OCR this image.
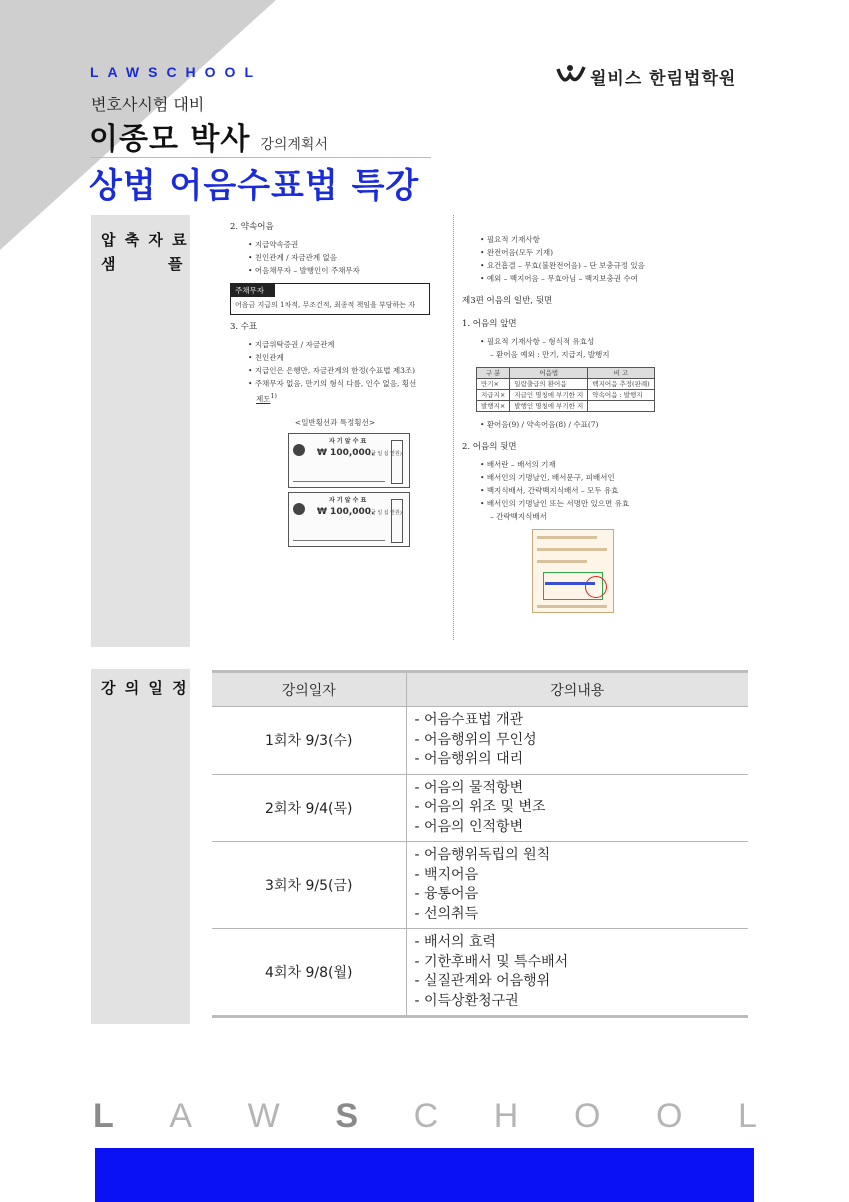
LAWSCHOOL	윌비스 한림법학원
변호사시험 대비
이종모 박사 강의계획서
상법 어음수표법 특강
압 축 자 료
샘	플
2. 약속어음
• 지급약속증권
• 친인관계 / 자금관계 없음
• 어음채무자 – 발행인이 주채무자
주채무자
어음금 지급의 1차적, 무조건적, 최종적 책임을 부담하는 자
3. 수표
• 지급위탁증권 / 자금관계
• 친인관계
• 지급인은 은행만, 자금관계의 한정(수표법 제3조)
• 주채무자 없음, 만기의 형식 다름, 인수 없음, 횡선
제도$^{1)}$
<일반횡선과 특정횡선>
자 기 앞 수 표
₩ 100,000.
(금 일 십 만원)
자 기 앞 수 표
₩ 100,000.
(금 일 십 만원)
• 필요적 기재사항
• 완전어음(모두 기재)
• 요건흠결 – 무효(불완전어음) – 단 보충규정 있음
• 예외 – 백지어음 – 무효아님 – 백지보충권 수여
제3편 어음의 일반, 뒷면
1. 어음의 앞면
• 필요적 기재사항 – 형식적 유효성
– 환어음 예외 : 만기, 지급지, 발행지
구 분	어음법	비 고
만기×	일람출급의 환어음	백지어음 추정(판례)
지급지×	지급인 명칭에 부기한 지	약속어음 : 발행지
발행지×	발행인 명칭에 부기한 지	
• 환어음(9) / 약속어음(8) / 수표(7)
2. 어음의 뒷면
• 배서란 – 배서의 기재
• 배서인의 기명날인, 배서문구, 피배서인
• 백지식배서, 간략백지식배서 – 모두 유효
• 배서인의 기명날인 또는 서명만 있으면 유효
– 간략백지식배서
강 의 일 정	강의일자	강의내용
1회차 9/3(수)	- 어음수표법 개관
- 어음행위의 무인성
- 어음행위의 대리

2회차 9/4(목)	- 어음의 물적항변
- 어음의 위조 및 변조
- 어음의 인적항변

3회차 9/5(금)	- 어음행위독립의 원칙
- 백지어음
- 융통어음
- 선의취득

4회차 9/8(월)	- 배서의 효력
- 기한후배서 및 특수배서
- 실질관계와 어음행위
- 이득상환청구권
L A W S C H O O L
